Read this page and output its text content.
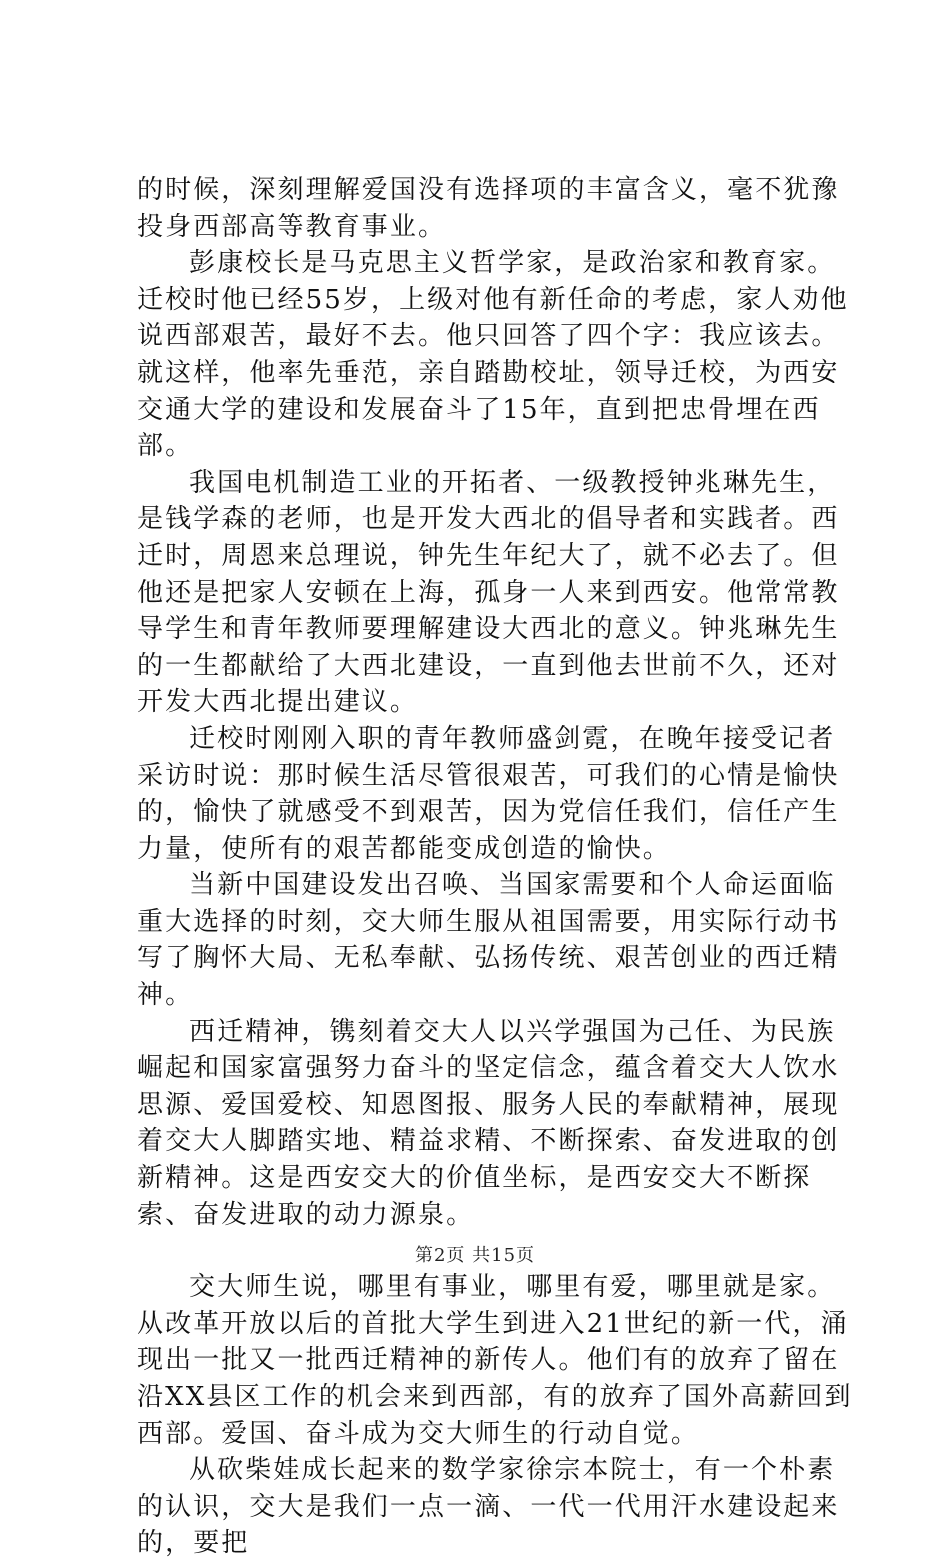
的时候，深刻理解爱国没有选择项的丰富含义，毫不犹豫投身西部高等教育事业。

彭康校长是马克思主义哲学家，是政治家和教育家。迁校时他已经55岁，上级对他有新任命的考虑，家人劝他说西部艰苦，最好不去。他只回答了四个字：我应该去。就这样，他率先垂范，亲自踏勘校址，领导迁校，为西安交通大学的建设和发展奋斗了15年，直到把忠骨埋在西部。

我国电机制造工业的开拓者、一级教授钟兆琳先生，是钱学森的老师，也是开发大西北的倡导者和实践者。西迁时，周恩来总理说，钟先生年纪大了，就不必去了。但他还是把家人安顿在上海，孤身一人来到西安。他常常教导学生和青年教师要理解建设大西北的意义。钟兆琳先生的一生都献给了大西北建设，一直到他去世前不久，还对开发大西北提出建议。

迁校时刚刚入职的青年教师盛剑霓，在晚年接受记者采访时说：那时候生活尽管很艰苦，可我们的心情是愉快的，愉快了就感受不到艰苦，因为党信任我们，信任产生力量，使所有的艰苦都能变成创造的愉快。

当新中国建设发出召唤、当国家需要和个人命运面临重大选择的时刻，交大师生服从祖国需要，用实际行动书写了胸怀大局、无私奉献、弘扬传统、艰苦创业的西迁精神。

西迁精神，镌刻着交大人以兴学强国为己任、为民族崛起和国家富强努力奋斗的坚定信念，蕴含着交大人饮水思源、爱国爱校、知恩图报、服务人民的奉献精神，展现着交大人脚踏实地、精益求精、不断探索、奋发进取的创新精神。这是西安交大的价值坐标，是西安交大不断探索、奋发进取的动力源泉。

交大师生说，哪里有事业，哪里有爱，哪里就是家。从改革开放以后的首批大学生到进入21世纪的新一代，涌现出一批又一批西迁精神的新传人。他们有的放弃了留在沿XX县区工作的机会来到西部，有的放弃了国外高薪回到西部。爱国、奋斗成为交大师生的行动自觉。

从砍柴娃成长起来的数学家徐宗本院士，有一个朴素的认识，交大是我们一点一滴、一代一代用汗水建设起来的，要把

第2页 共15页
